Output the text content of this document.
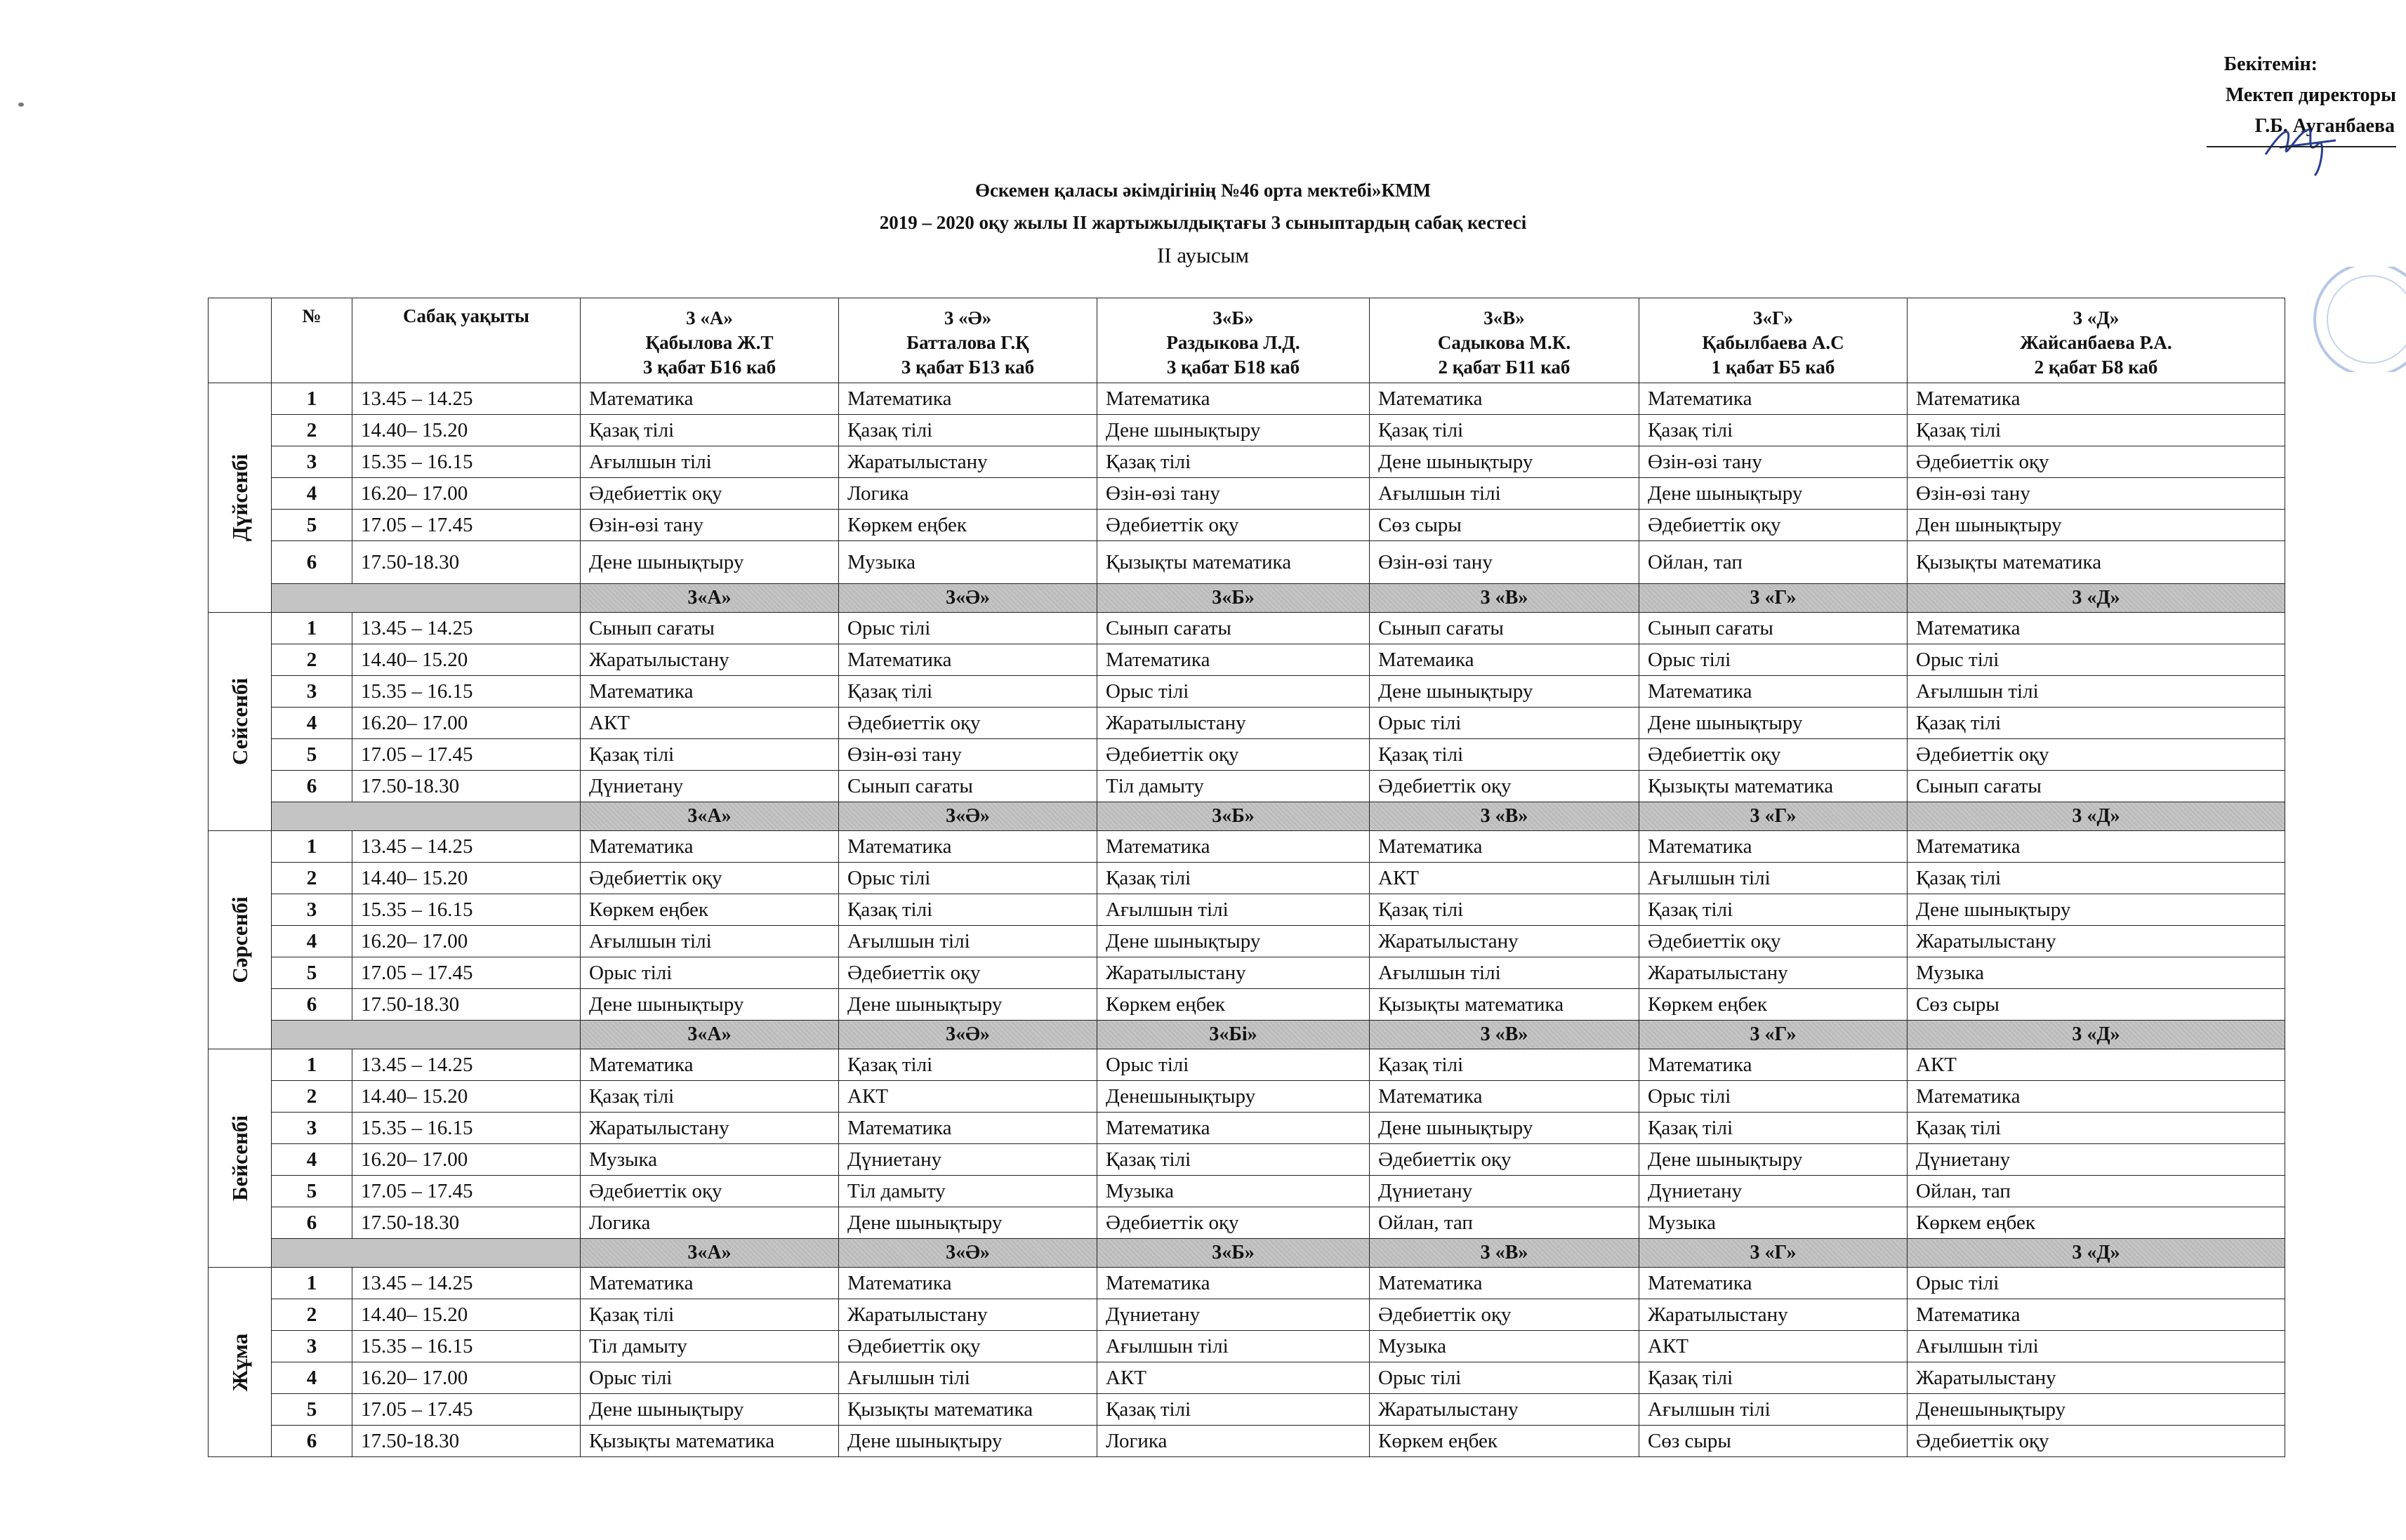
Бекітемін:
Мектеп директоры
Г.Б. Ауганбаева
Өскемен қаласы әкімдігінің №46 орта мектебі»КММ
2019 – 2020 оқу жылы II жартыжылдықтағы 3 сыныптардың сабақ кестесі
II ауысым
	№	Сабақ уақыты	3 «А»
Қабылова Ж.Т
3 қабат Б16 каб	3 «Ә»
Батталова Г.Қ
3 қабат Б13 каб	3«Б»
Раздыкова Л.Д.
3 қабат Б18 каб	3«В»
Садыкова М.К.
2 қабат Б11 каб	3«Г»
Қабылбаева А.С
1 қабат Б5 каб	3 «Д»
Жайсанбаева Р.А.
2 қабат Б8 каб

Дүйсенбі	1	13.45 – 14.25	Математика	Математика	Математика	Математика	Математика	Математика
	2	14.40– 15.20	Қазақ тілі	Қазақ тілі	Дене шынықтыру	Қазақ тілі	Қазақ тілі	Қазақ тілі
	3	15.35 – 16.15	Ағылшын тілі	Жаратылыстану	Қазақ тілі	Дене шынықтыру	Өзін-өзі тану	Әдебиеттік оқу
	4	16.20– 17.00	Әдебиеттік оқу	Логика	Өзін-өзі тану	Ағылшын тілі	Дене шынықтыру	Өзін-өзі тану
	5	17.05 – 17.45	Өзін-өзі тану	Көркем еңбек	Әдебиеттік оқу	Сөз сыры	Әдебиеттік оқу	Ден шынықтыру
	6	17.50-18.30	Дене шынықтыру	Музыка	Қызықты математика	Өзін-өзі тану	Ойлан, тап	Қызықты математика
			3«А»	3«Ә»	3«Б»	3 «В»	3 «Г»	3 «Д»

Сейсенбі	1	13.45 – 14.25	Сынып сағаты	Орыс тілі	Сынып сағаты	Сынып сағаты	Сынып сағаты	Математика
	2	14.40– 15.20	Жаратылыстану	Математика	Математика	Матемаика	Орыс тілі	Орыс тілі
	3	15.35 – 16.15	Математика	Қазақ тілі	Орыс тілі	Дене шынықтыру	Математика	Ағылшын тілі
	4	16.20– 17.00	АКТ	Әдебиеттік оқу	Жаратылыстану	Орыс тілі	Дене шынықтыру	Қазақ тілі
	5	17.05 – 17.45	Қазақ тілі	Өзін-өзі тану	Әдебиеттік оқу	Қазақ тілі	Әдебиеттік оқу	Әдебиеттік оқу
	6	17.50-18.30	Дүниетану	Сынып сағаты	Тіл дамыту	Әдебиеттік оқу	Қызықты математика	Сынып сағаты
			3«А»	3«Ә»	3«Б»	3 «В»	3 «Г»	3 «Д»

Сәрсенбі	1	13.45 – 14.25	Математика	Математика	Математика	Математика	Математика	Математика
	2	14.40– 15.20	Әдебиеттік оқу	Орыс тілі	Қазақ тілі	АКТ	Ағылшын тілі	Қазақ тілі
	3	15.35 – 16.15	Көркем еңбек	Қазақ тілі	Ағылшын тілі	Қазақ тілі	Қазақ тілі	Дене шынықтыру
	4	16.20– 17.00	Ағылшын тілі	Ағылшын тілі	Дене шынықтыру	Жаратылыстану	Әдебиеттік оқу	Жаратылыстану
	5	17.05 – 17.45	Орыс тілі	Әдебиеттік оқу	Жаратылыстану	Ағылшын тілі	Жаратылыстану	Музыка
	6	17.50-18.30	Дене шынықтыру	Дене шынықтыру	Көркем еңбек	Қызықты математика	Көркем еңбек	Сөз сыры
			3«А»	3«Ә»	3«Бі»	3 «В»	3 «Г»	3 «Д»

Бейсенбі	1	13.45 – 14.25	Математика	Қазақ тілі	Орыс тілі	Қазақ тілі	Математика	АКТ
	2	14.40– 15.20	Қазақ тілі	АКТ	Денешынықтыру	Математика	Орыс тілі	Математика
	3	15.35 – 16.15	Жаратылыстану	Математика	Математика	Дене шынықтыру	Қазақ тілі	Қазақ тілі
	4	16.20– 17.00	Музыка	Дүниетану	Қазақ тілі	Әдебиеттік оқу	Дене шынықтыру	Дүниетану
	5	17.05 – 17.45	Әдебиеттік оқу	Тіл дамыту	Музыка	Дүниетану	Дүниетану	Ойлан, тап
	6	17.50-18.30	Логика	Дене шынықтыру	Әдебиеттік оқу	Ойлан, тап	Музыка	Көркем еңбек
			3«А»	3«Ә»	3«Б»	3 «В»	3 «Г»	3 «Д»

Жұма	1	13.45 – 14.25	Математика	Математика	Математика	Математика	Математика	Орыс тілі
	2	14.40– 15.20	Қазақ тілі	Жаратылыстану	Дүниетану	Әдебиеттік оқу	Жаратылыстану	Математика
	3	15.35 – 16.15	Тіл дамыту	Әдебиеттік оқу	Ағылшын тілі	Музыка	АКТ	Ағылшын тілі
	4	16.20– 17.00	Орыс тілі	Ағылшын тілі	АКТ	Орыс тілі	Қазақ тілі	Жаратылыстану
	5	17.05 – 17.45	Дене шынықтыру	Қызықты математика	Қазақ тілі	Жаратылыстану	Ағылшын тілі	Денешынықтыру
	6	17.50-18.30	Қызықты математика	Дене шынықтыру	Логика	Көркем еңбек	Сөз сыры	Әдебиеттік оқу
